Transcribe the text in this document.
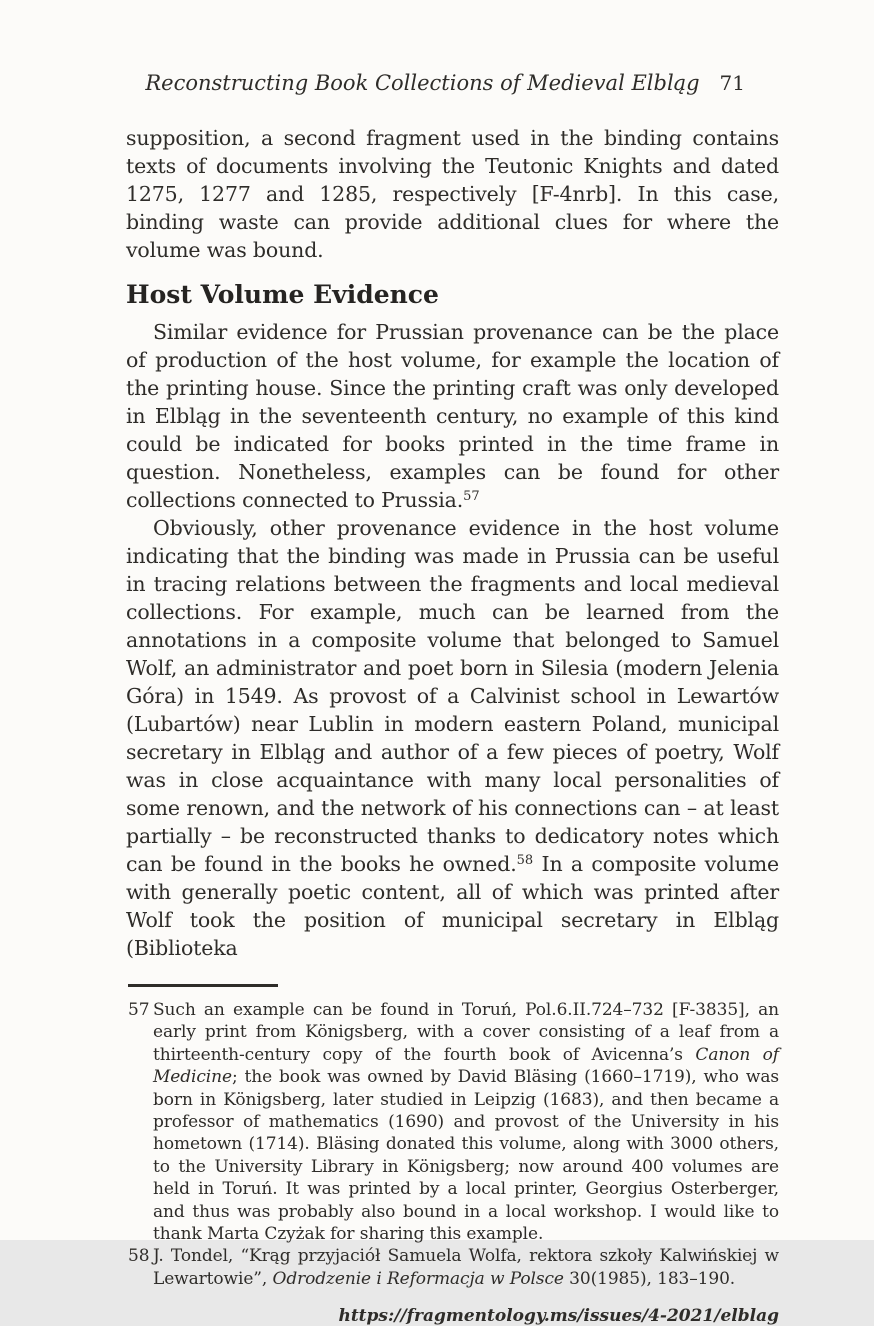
Reconstructing Book Collections of Medieval Elbląg 71

supposition, a second fragment used in the binding contains texts of documents involving the Teutonic Knights and dated 1275, 1277 and 1285, respectively [F-4nrb]. In this case, binding waste can provide additional clues for where the volume was bound.

Host Volume Evidence

Similar evidence for Prussian provenance can be the place of production of the host volume, for example the location of the printing house. Since the printing craft was only developed in Elbląg in the seventeenth century, no example of this kind could be indicated for books printed in the time frame in question. Nonetheless, examples can be found for other collections connected to Prussia.$^{57}$

Obviously, other provenance evidence in the host volume indicating that the binding was made in Prussia can be useful in tracing relations between the fragments and local medieval collections. For example, much can be learned from the annotations in a composite volume that belonged to Samuel Wolf, an administrator and poet born in Silesia (modern Jelenia Góra) in 1549. As provost of a Calvinist school in Lewartów (Lubartów) near Lublin in modern eastern Poland, municipal secretary in Elbląg and author of a few pieces of poetry, Wolf was in close acquaintance with many local personalities of some renown, and the network of his connections can – at least partially – be reconstructed thanks to dedicatory notes which can be found in the books he owned.$^{58}$ In a composite volume with generally poetic content, all of which was printed after Wolf took the position of municipal secretary in Elbląg (Biblioteka

57 Such an example can be found in Toruń, Pol.6.II.724–732 [F-3835], an early print from Königsberg, with a cover consisting of a leaf from a thirteenth-century copy of the fourth book of Avicenna’s Canon of Medicine; the book was owned by David Bläsing (1660–1719), who was born in Königsberg, later studied in Leipzig (1683), and then became a professor of mathematics (1690) and provost of the University in his hometown (1714). Bläsing donated this volume, along with 3000 others, to the University Library in Königsberg; now around 400 volumes are held in Toruń. It was printed by a local printer, Georgius Osterberger, and thus was probably also bound in a local workshop. I would like to thank Marta Czyżak for sharing this example.
58 J. Tondel, “Krąg przyjaciół Samuela Wolfa, rektora szkoły Kalwińskiej w Lewartowie”, Odrodzenie i Reformacja w Polsce 30(1985), 183–190.
https://fragmentology.ms/issues/4-2021/elblag
